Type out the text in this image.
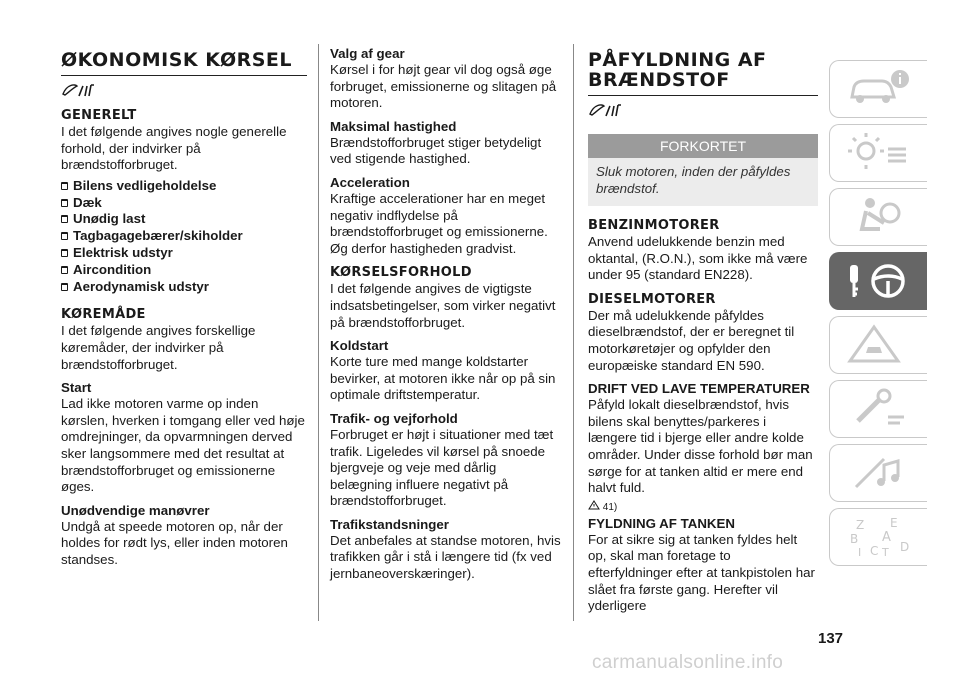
ØKONOMISK KØRSEL
GENERELT

I det følgende angives nogle generelle forhold, der indvirker på brændstofforbruget.

Bilens vedligeholdelse
Dæk
Unødig last
Tagbagagebærer/skiholder
Elektrisk udstyr
Aircondition
Aerodynamisk udstyr
KØREMÅDE

I det følgende angives forskellige køremåder, der indvirker på brændstofforbruget.

Start

Lad ikke motoren varme op inden kørslen, hverken i tomgang eller ved høje omdrejninger, da opvarmningen derved sker langsommere med det resultat at brændstofforbruget og emissionerne øges.

Unødvendige manøvrer

Undgå at speede motoren op, når der holdes for rødt lys, eller inden motoren standses.

Valg af gear

Kørsel i for højt gear vil dog også øge forbruget, emissionerne og slitagen på motoren.

Maksimal hastighed

Brændstofforbruget stiger betydeligt ved stigende hastighed.

Acceleration

Kraftige accelerationer har en meget negativ indflydelse på brændstofforbruget og emissionerne. Øg derfor hastigheden gradvist.

KØRSELSFORHOLD

I det følgende angives de vigtigste indsatsbetingelser, som virker negativt på brændstofforbruget.

Koldstart

Korte ture med mange koldstarter bevirker, at motoren ikke når op på sin optimale driftstemperatur.

Trafik- og vejforhold

Forbruget er højt i situationer med tæt trafik. Ligeledes vil kørsel på snoede bjergveje og veje med dårlig belægning influere negativt på brændstofforbruget.

Trafikstandsninger

Det anbefales at standse motoren, hvis trafikken går i stå i længere tid (fx ved jernbaneoverskæringer).

PÅFYLDNING AF BRÆNDSTOF
FORKORTET
Sluk motoren, inden der påfyldes brændstof.
BENZINMOTORER

Anvend udelukkende benzin med oktantal, (R.O.N.), som ikke må være under 95 (standard EN228).

DIESELMOTORER

Der må udelukkende påfyldes dieselbrændstof, der er beregnet til motorkøretøjer og opfylder den europæiske standard EN 590.

DRIFT VED LAVE TEMPERATURER

Påfyld lokalt dieselbrændstof, hvis bilens skal benyttes/parkeres i længere tid i bjerge eller andre kolde områder. Under disse forhold bør man sørge for at tanken altid er mere end halvt fuld.

41)
FYLDNING AF TANKEN

For at sikre sig at tanken fyldes helt op, skal man foretage to efterfyldninger efter at tankpistolen har slået fra første gang. Herefter vil yderligere

Z E
B A
I C T D
137
carmanualsonline.info
